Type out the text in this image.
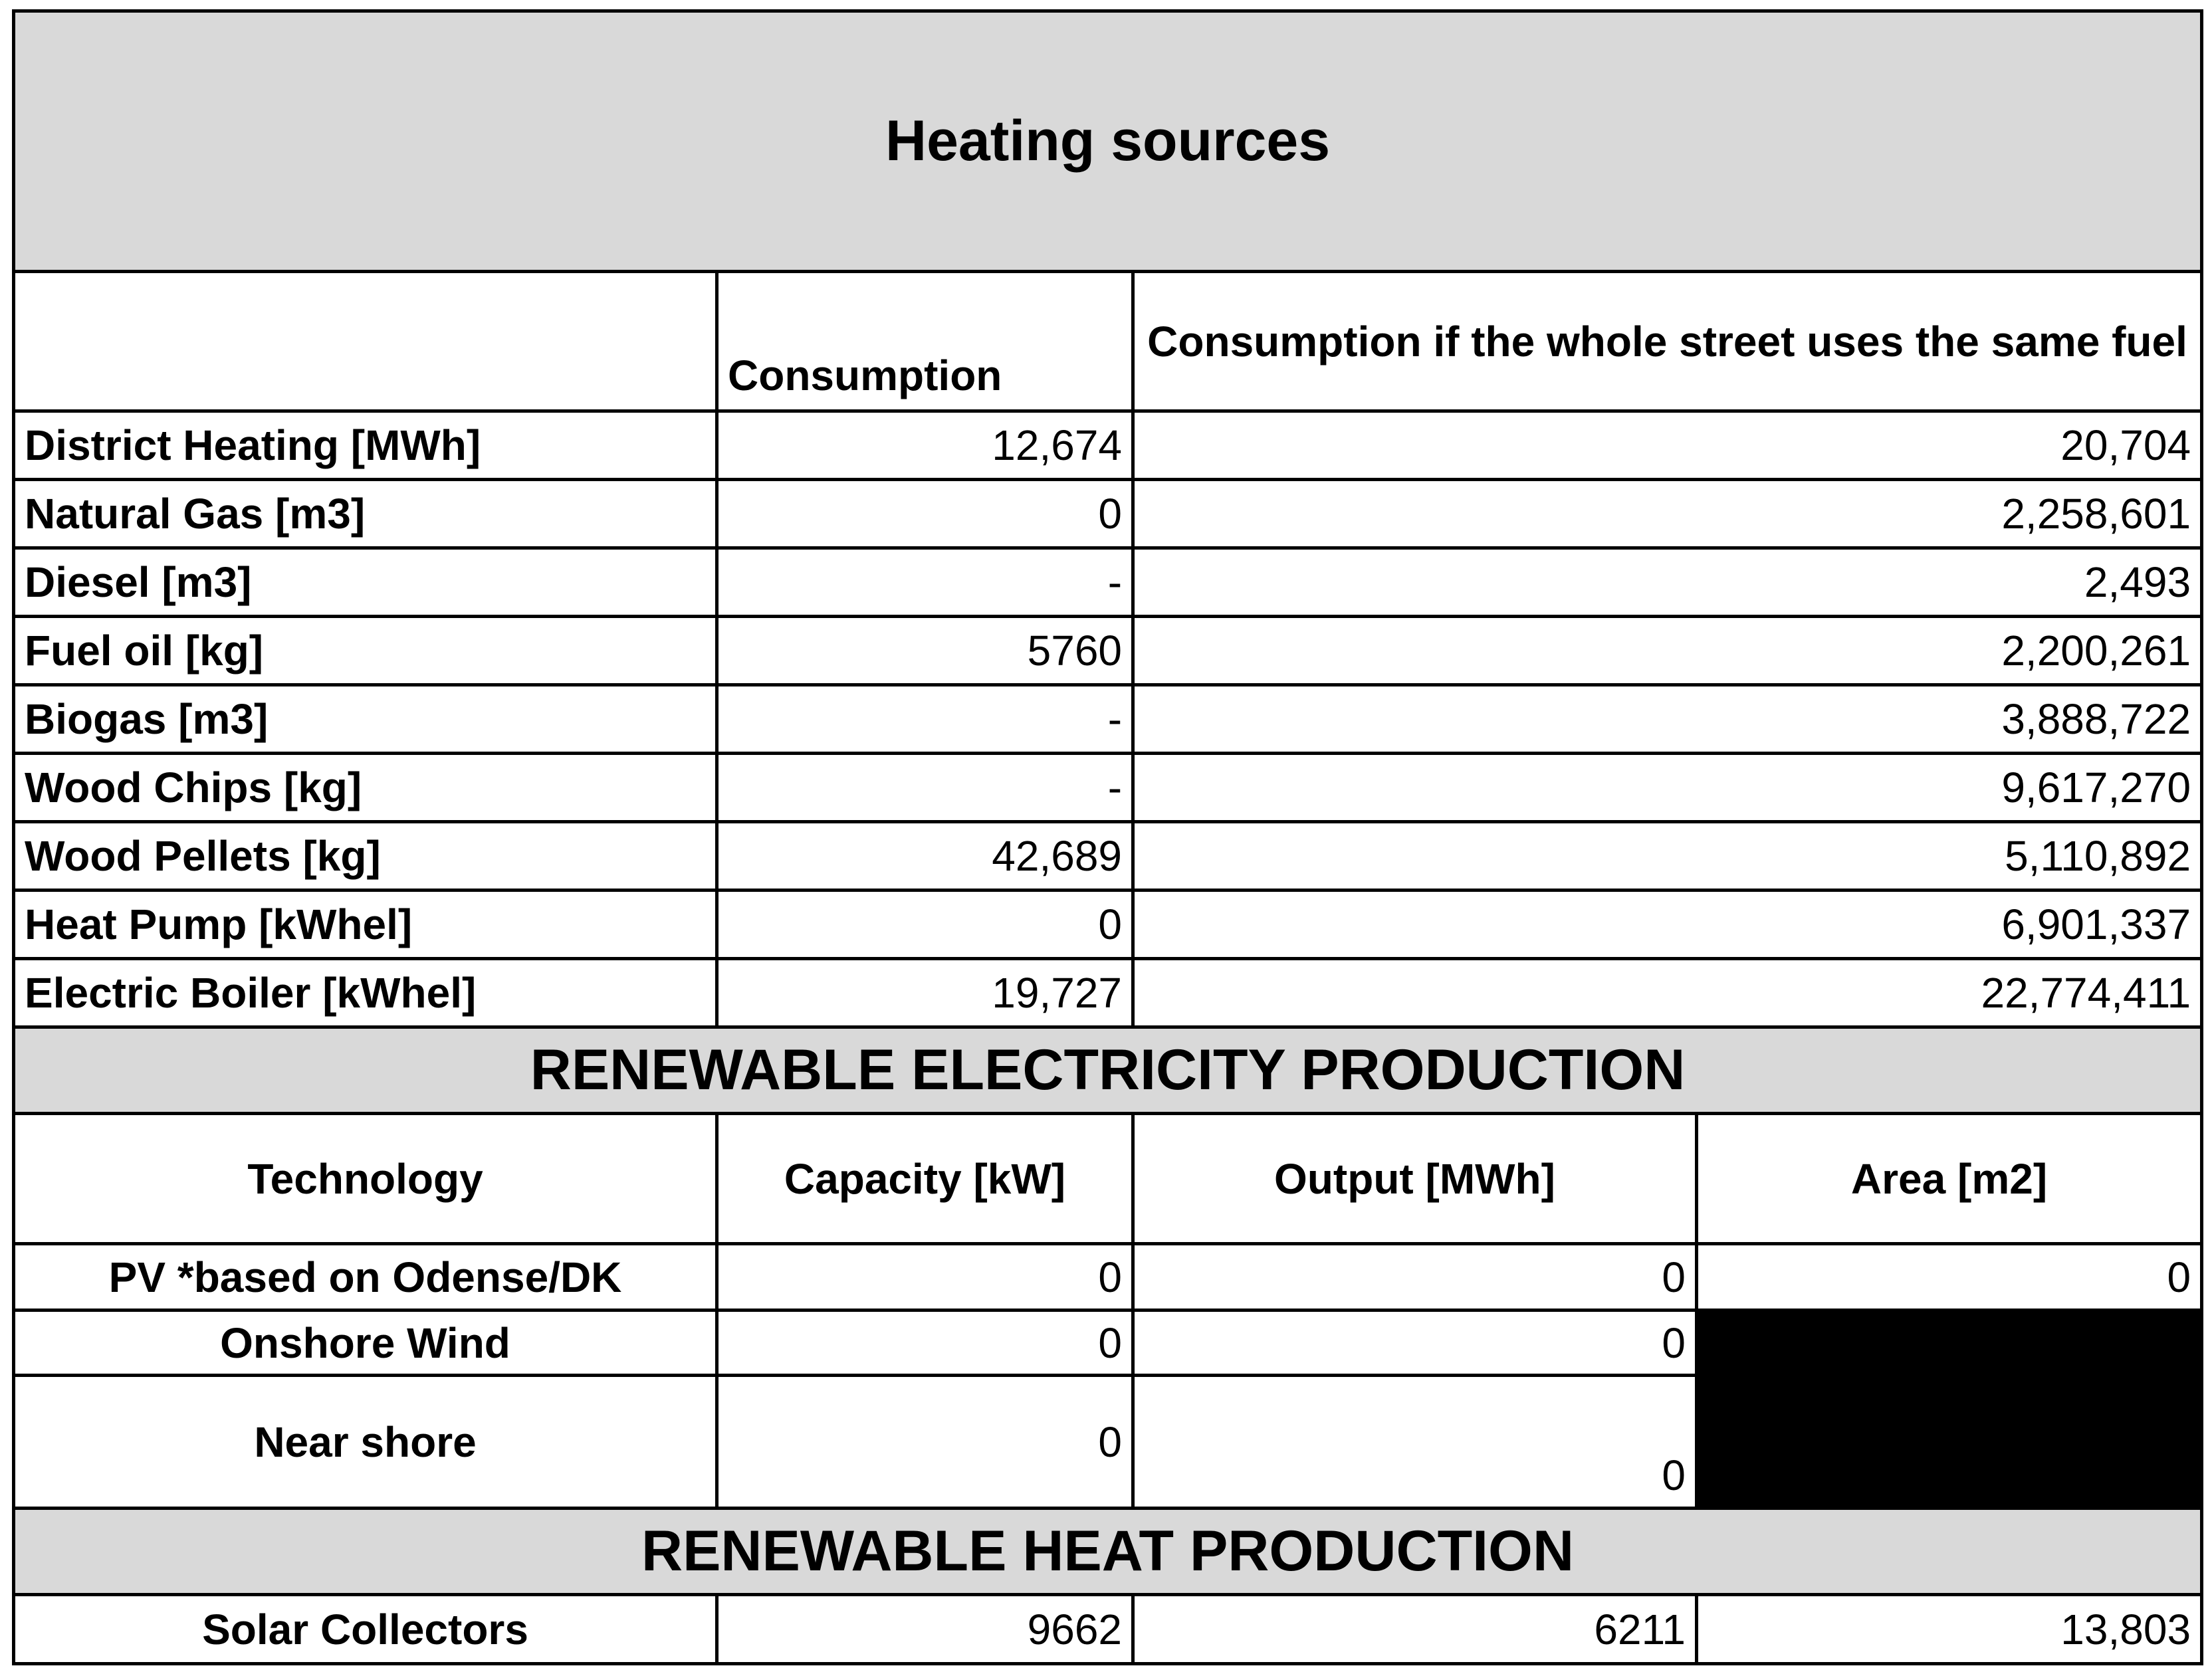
Heating sources			
	Consumption	Consumption if the whole street uses the same fuel	
District Heating [MWh]	12,674	20,704	
Natural Gas [m3]	0	2,258,601	
Diesel [m3]	-	2,493	
Fuel oil [kg]	5760	2,200,261	
Biogas [m3]	-	3,888,722	
Wood Chips [kg]	-	9,617,270	
Wood Pellets [kg]	42,689	5,110,892	
Heat Pump [kWhel]	0	6,901,337	
Electric Boiler [kWhel]	19,727	22,774,411	
RENEWABLE ELECTRICITY PRODUCTION			
Technology	Capacity [kW]	Output [MWh]	Area [m2]
PV *based on Odense/DK	0	0	0
Onshore Wind	0	0	
Near shore	0	0	
RENEWABLE HEAT PRODUCTION			
Solar Collectors	9662	6211	13,803
